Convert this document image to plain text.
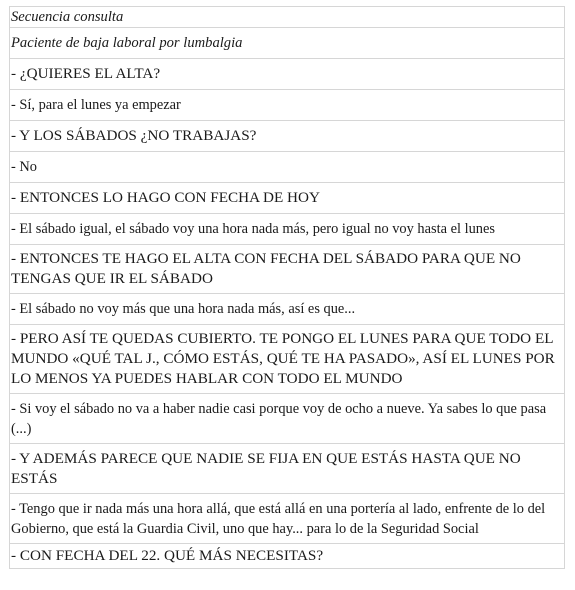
Secuencia consulta
Paciente de baja laboral por lumbalgia
- ¿QUIERES EL ALTA?
- Sí, para el lunes ya empezar
- Y LOS SÁBADOS ¿NO TRABAJAS?
- No
- ENTONCES LO HAGO CON FECHA DE HOY
- El sábado igual, el sábado voy una hora nada más, pero igual no voy hasta el lunes
- ENTONCES TE HAGO EL ALTA CON FECHA DEL SÁBADO PARA QUE NO TENGAS QUE IR EL SÁBADO
- El sábado no voy más que una hora nada más, así es que...
- PERO ASÍ TE QUEDAS CUBIERTO. TE PONGO EL LUNES PARA QUE TODO EL MUNDO «QUÉ TAL J., CÓMO ESTÁS, QUÉ TE HA PASADO», ASÍ EL LUNES POR LO MENOS YA PUEDES HABLAR CON TODO EL MUNDO
- Si voy el sábado no va a haber nadie casi porque voy de ocho a nueve. Ya sabes lo que pasa (...)
- Y ADEMÁS PARECE QUE NADIE SE FIJA EN QUE ESTÁS HASTA QUE NO ESTÁS
- Tengo que ir nada más una hora allá, que está allá en una portería al lado, enfrente de lo del Gobierno, que está la Guardia Civil, uno que hay... para lo de la Seguridad Social
- CON FECHA DEL 22. QUÉ MÁS NECESITAS?
